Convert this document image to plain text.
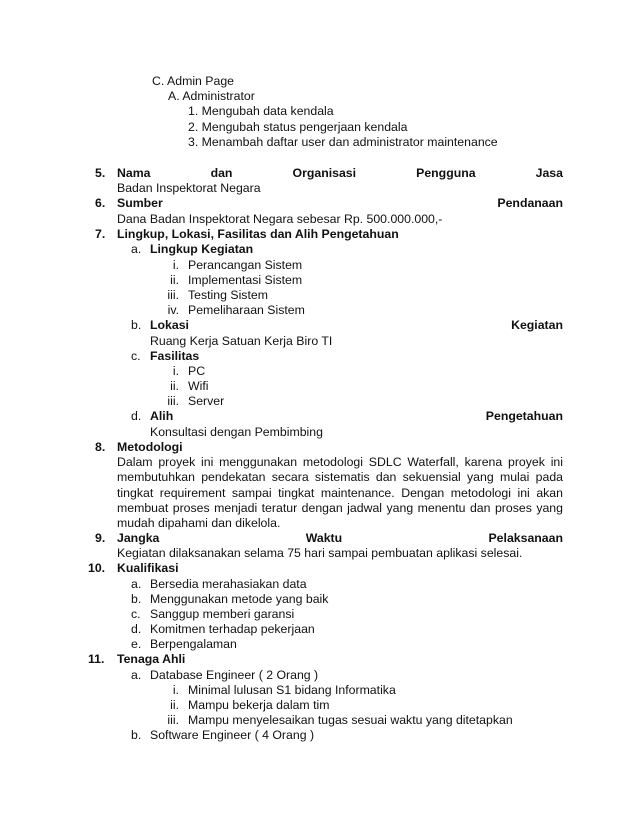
C. Admin Page
A. Administrator
1. Mengubah data kendala
2. Mengubah status pengerjaan kendala
3. Menambah daftar user dan administrator maintenance
5. Nama	dan	Organisasi	Pengguna	Jasa
Badan Inspektorat Negara
6. Sumber	Pendanaan
Dana Badan Inspektorat Negara sebesar Rp. 500.000.000,-
7. Lingkup, Lokasi, Fasilitas dan Alih Pengetahuan
a. Lingkup Kegiatan
i. Perancangan Sistem
ii. Implementasi Sistem
iii. Testing Sistem
iv. Pemeliharaan Sistem
b. Lokasi	Kegiatan
Ruang Kerja Satuan Kerja Biro TI
c. Fasilitas
i. PC
ii. Wifi
iii. Server
d. Alih	Pengetahuan
Konsultasi dengan Pembimbing
8. Metodologi
Dalam proyek ini menggunakan metodologi SDLC Waterfall, karena proyek ini membutuhkan pendekatan secara sistematis dan sekuensial yang mulai pada tingkat requirement sampai tingkat maintenance. Dengan metodologi ini akan membuat proses menjadi teratur dengan jadwal yang menentu dan proses yang mudah dipahami dan dikelola.
9. Jangka	Waktu	Pelaksanaan
Kegiatan dilaksanakan selama 75 hari sampai pembuatan aplikasi selesai.
10. Kualifikasi
a. Bersedia merahasiakan data
b. Menggunakan metode yang baik
c. Sanggup memberi garansi
d. Komitmen terhadap pekerjaan
e. Berpengalaman
11. Tenaga Ahli
a. Database Engineer ( 2 Orang )
i. Minimal lulusan S1 bidang Informatika
ii. Mampu bekerja dalam tim
iii. Mampu menyelesaikan tugas sesuai waktu yang ditetapkan
b. Software Engineer ( 4 Orang )
